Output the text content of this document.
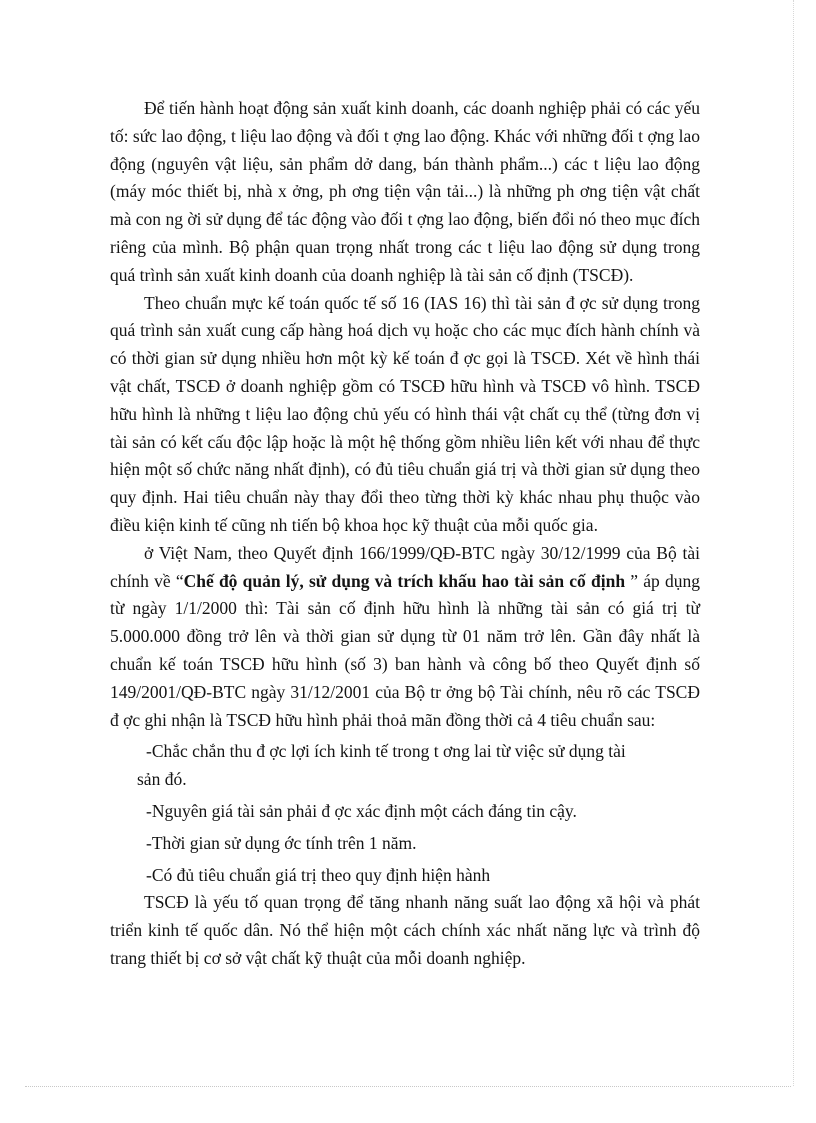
Để tiến hành hoạt động sản xuất kinh doanh, các doanh nghiệp phải có các yếu tố: sức lao động, t liệu lao động và đối t ợng lao động. Khác với những đối t ợng lao động (nguyên vật liệu, sản phẩm dở dang, bán thành phẩm...) các t liệu lao động (máy móc thiết bị, nhà x ởng, ph ơng tiện vận tải...) là những ph ơng tiện vật chất mà con ng ời sử dụng để tác động vào đối t ợng lao động, biến đổi nó theo mục đích riêng của mình. Bộ phận quan trọng nhất trong các t liệu lao động sử dụng trong quá trình sản xuất kinh doanh của doanh nghiệp là tài sản cố định (TSCĐ).

Theo chuẩn mực kế toán quốc tế số 16 (IAS 16) thì tài sản đ ợc sử dụng trong quá trình sản xuất cung cấp hàng hoá dịch vụ hoặc cho các mục đích hành chính và có thời gian sử dụng nhiều hơn một kỳ kế toán đ ợc gọi là TSCĐ. Xét về hình thái vật chất, TSCĐ ở doanh nghiệp gồm có TSCĐ hữu hình và TSCĐ vô hình. TSCĐ hữu hình là những t liệu lao động chủ yếu có hình thái vật chất cụ thể (từng đơn vị tài sản có kết cấu độc lập hoặc là một hệ thống gồm nhiều liên kết với nhau để thực hiện một số chức năng nhất định), có đủ tiêu chuẩn giá trị và thời gian sử dụng theo quy định. Hai tiêu chuẩn này thay đổi theo từng thời kỳ khác nhau phụ thuộc vào điều kiện kinh tế cũng nh tiến bộ khoa học kỹ thuật của mỗi quốc gia.

ở Việt Nam, theo Quyết định 166/1999/QĐ-BTC ngày 30/12/1999 của Bộ tài chính về “Chế độ quản lý, sử dụng và trích khấu hao tài sản cố định ” áp dụng từ ngày 1/1/2000 thì: Tài sản cố định hữu hình là những tài sản có giá trị từ 5.000.000 đồng trở lên và thời gian sử dụng từ 01 năm trở lên. Gần đây nhất là chuẩn kế toán TSCĐ hữu hình (số 3) ban hành và công bố theo Quyết định số 149/2001/QĐ-BTC ngày 31/12/2001 của Bộ tr ởng bộ Tài chính, nêu rõ các TSCĐ đ ợc ghi nhận là TSCĐ hữu hình phải thoả mãn đồng thời cả 4 tiêu chuẩn sau:

-Chắc chắn thu đ ợc lợi ích kinh tế trong t ơng lai từ việc sử dụng tài

sản đó.

-Nguyên giá tài sản phải đ ợc xác định một cách đáng tin cậy.

-Thời gian sử dụng ớc tính trên 1 năm.

-Có đủ tiêu chuẩn giá trị theo quy định hiện hành

TSCĐ là yếu tố quan trọng để tăng nhanh năng suất lao động xã hội và phát triển kinh tế quốc dân. Nó thể hiện một cách chính xác nhất năng lực và trình độ trang thiết bị cơ sở vật chất kỹ thuật của mỗi doanh nghiệp.
